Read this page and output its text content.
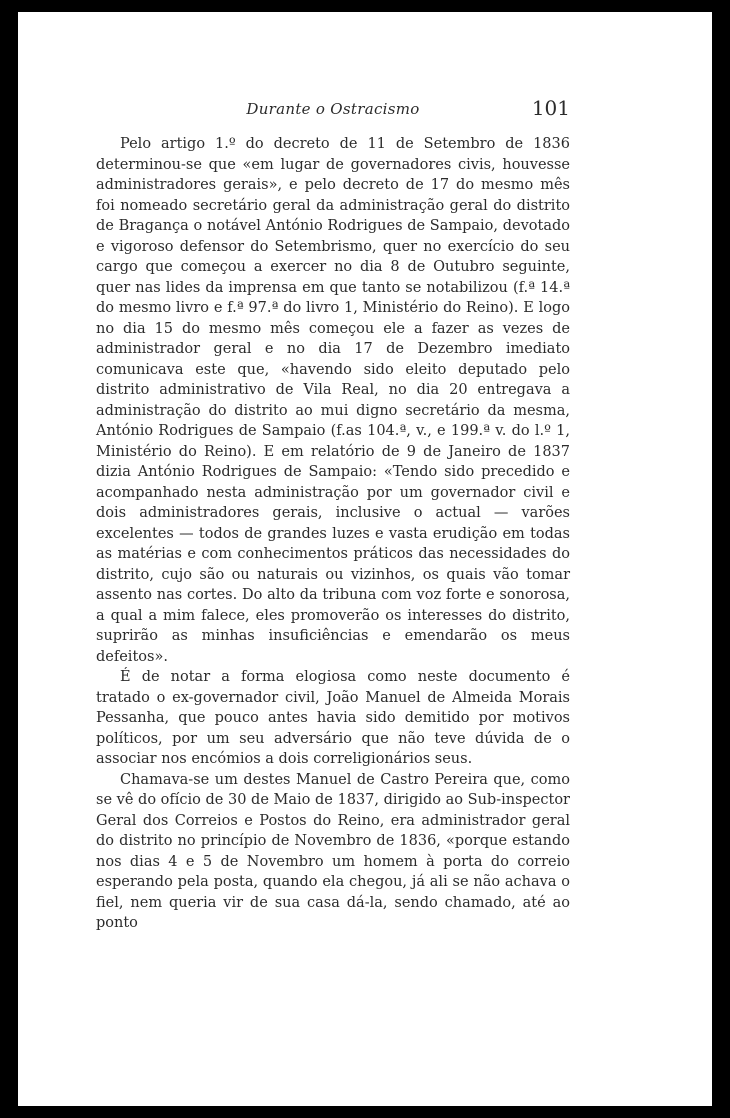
Durante o Ostracismo	101

Pelo artigo 1.º do decreto de 11 de Setembro de 1836 determinou-se que «em lugar de governadores civis, houvesse administradores gerais», e pelo decreto de 17 do mesmo mês foi nomeado secretário geral da administração geral do distrito de Bragança o notável António Rodrigues de Sampaio, devotado e vigoroso defensor do Setembrismo, quer no exercício do seu cargo que começou a exercer no dia 8 de Outubro seguinte, quer nas lides da imprensa em que tanto se notabilizou (f.ª 14.ª do mesmo livro e f.ª 97.ª do livro 1, Ministério do Reino). E logo no dia 15 do mesmo mês começou ele a fazer as vezes de administrador geral e no dia 17 de Dezembro imediato comunicava este que, «havendo sido eleito deputado pelo distrito administrativo de Vila Real, no dia 20 entregava a administração do distrito ao mui digno secretário da mesma, António Rodrigues de Sampaio (f.as 104.ª, v., e 199.ª v. do l.º 1, Ministério do Reino). E em relatório de 9 de Janeiro de 1837 dizia António Rodrigues de Sampaio: «Tendo sido precedido e acompanhado nesta administração por um governador civil e dois administradores gerais, inclusive o actual — varões excelentes — todos de grandes luzes e vasta erudição em todas as matérias e com conhecimentos práticos das necessidades do distrito, cujo são ou naturais ou vizinhos, os quais vão tomar assento nas cortes. Do alto da tribuna com voz forte e sonorosa, a qual a mim falece, eles promoverão os interesses do distrito, suprirão as minhas insuficiências e emendarão os meus defeitos».

É de notar a forma elogiosa como neste documento é tratado o ex-governador civil, João Manuel de Almeida Morais Pessanha, que pouco antes havia sido demitido por motivos políticos, por um seu adversário que não teve dúvida de o associar nos encómios a dois correligionários seus.

Chamava-se um destes Manuel de Castro Pereira que, como se vê do ofício de 30 de Maio de 1837, dirigido ao Sub-inspector Geral dos Correios e Postos do Reino, era administrador geral do distrito no princípio de Novembro de 1836, «porque estando nos dias 4 e 5 de Novembro um homem à porta do correio esperando pela posta, quando ela chegou, já ali se não achava o fiel, nem queria vir de sua casa dá-la, sendo chamado, até ao ponto
